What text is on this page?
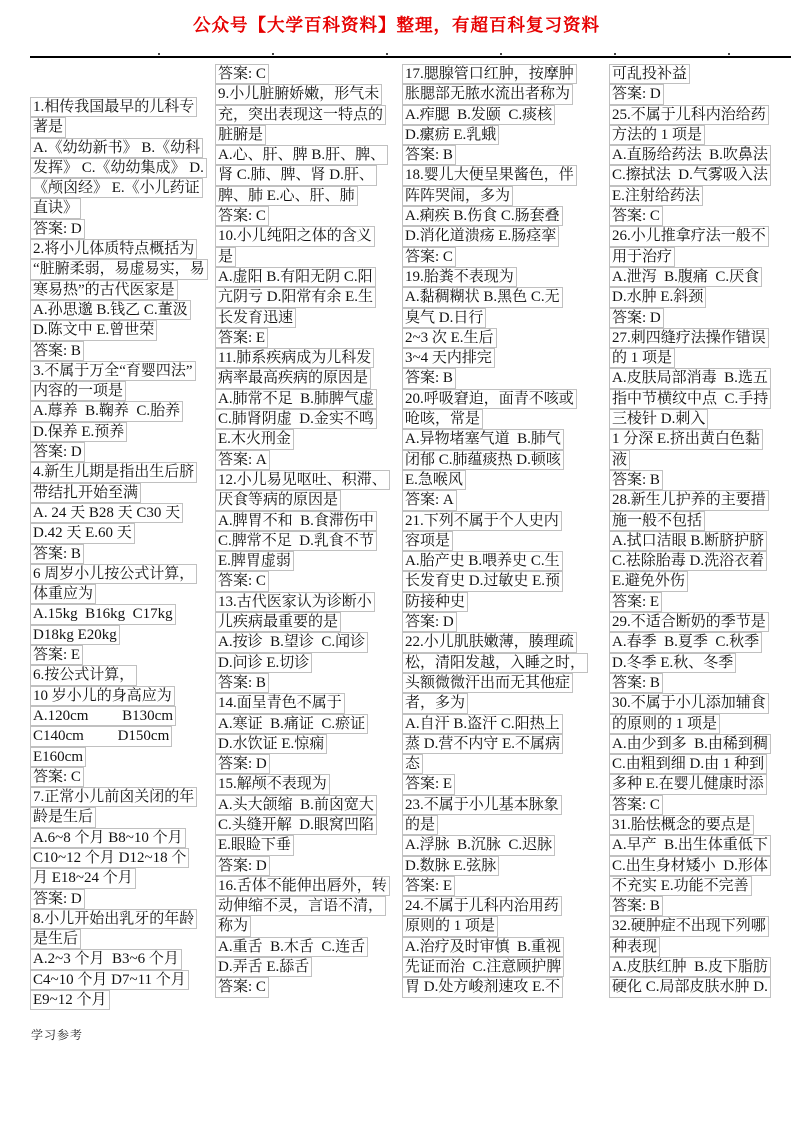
公众号【大学百科资料】整理，有超百科复习资料
1.相传我国最早的儿科专
著是
A.《幼幼新书》 B.《幼科
发挥》 C.《幼幼集成》 D.
《颅囟经》 E.《小儿药证
直诀》
答案: D
2.将小儿体质特点概括为
“脏腑柔弱，易虚易实，易
寒易热”的古代医家是
A.孙思邈 B.钱乙 C.董汲
D.陈文中 E.曾世荣
答案: B
3.不属于万全“育婴四法”
内容的一项是
A.蓐养  B.鞠养  C.胎养
D.保养 E.预养
答案: D
4.新生儿期是指出生后脐
带结扎开始至满
A. 24 天 B28 天 C30 天
D.42 天 E.60 天
答案: B
6 周岁小儿按公式计算，
体重应为
A.15kg  B16kg  C17kg
D18kg E20kg
答案: E
6.按公式计算，
10 岁小儿的身高应为
A.120cm         B130cm
C140cm         D150cm
E160cm
答案: C
7.正常小儿前囟关闭的年
龄是生后
A.6~8 个月 B8~10 个月
C10~12 个月 D12~18 个
月 E18~24 个月
答案: D
8.小儿开始出乳牙的年龄
是生后
A.2~3 个月  B3~6 个月
C4~10 个月 D7~11 个月
E9~12 个月
答案: C
9.小儿脏腑娇嫩，形气未
充，突出表现这一特点的
脏腑是
A.心、肝、脾 B.肝、脾、
肾 C.肺、脾、肾 D.肝、
脾、肺 E.心、肝、肺
答案: C
10.小儿纯阳之体的含义
是
A.虚阳 B.有阳无阴 C.阳
亢阴亏 D.阳常有余 E.生
长发育迅速
答案: E
11.肺系疾病成为儿科发
病率最高疾病的原因是
A.肺常不足  B.肺脾气虚
C.肺肾阴虚  D.金实不鸣
E.木火刑金
答案: A
12.小儿易见呕吐、积滞、
厌食等病的原因是
A.脾胃不和  B.食滞伤中
C.脾常不足  D.乳食不节
E.脾胃虚弱
答案: C
13.古代医家认为诊断小
儿疾病最重要的是
A.按诊  B.望诊  C.闻诊
D.问诊 E.切诊
答案: B
14.面呈青色不属于
A.寒证  B.痛证  C.瘀证
D.水饮证 E.惊痫
答案: D
15.解颅不表现为
A.头大颌缩  B.前囟宽大
C.头缝开解  D.眼窝凹陷
E.眼睑下垂
答案: D
16.舌体不能伸出唇外，转
动伸缩不灵，言语不清，
称为
A.重舌  B.木舌  C.连舌
D.弄舌 E.舔舌
答案: C
17.腮腺管口红肿，按摩肿
胀腮部无脓水流出者称为
A.痄腮  B.发颐  C.痰核
D.瘰疬 E.乳蛾
答案: B
18.婴儿大便呈果酱色，伴
阵阵哭闹，多为
A.痢疾 B.伤食 C.肠套叠
D.消化道溃疡 E.肠痉挛
答案: C
19.胎粪不表现为
A.黏稠糊状 B.黑色 C.无
臭气 D.日行
2~3 次 E.生后
3~4 天内排完
答案: B
20.呼吸窘迫，面青不咳或
呛咳，常是
A.异物堵塞气道  B.肺气
闭郁 C.肺蕴痰热 D.顿咳
E.急喉风
答案: A
21.下列不属于个人史内
容项是
A.胎产史 B.喂养史 C.生
长发育史 D.过敏史 E.预
防接种史
答案: D
22.小儿肌肤嫩薄，腠理疏
松，清阳发越，入睡之时，
头额微微汗出而无其他症
者，多为
A.自汗 B.盗汗 C.阳热上
蒸 D.营不内守 E.不属病
态
答案: E
23.不属于小儿基本脉象
的是
A.浮脉  B.沉脉  C.迟脉
D.数脉 E.弦脉
答案: E
24.不属于儿科内治用药
原则的 1 项是
A.治疗及时审慎  B.重视
先证而治  C.注意顾护脾
胃 D.处方峻剂速攻 E.不
可乱投补益
答案: D
25.不属于儿科内治给药
方法的 1 项是
A.直肠给药法  B.吹鼻法
C.擦拭法  D.气雾吸入法
E.注射给药法
答案: C
26.小儿推拿疗法一般不
用于治疗
A.泄泻  B.腹痛  C.厌食
D.水肿 E.斜颈
答案: D
27.刺四缝疗法操作错误
的 1 项是
A.皮肤局部消毒  B.选五
指中节横纹中点  C.手持
三棱针 D.刺入
1 分深 E.挤出黄白色黏
液
答案: B
28.新生儿护养的主要措
施一般不包括
A.拭口洁眼 B.断脐护脐
C.祛除胎毒 D.洗浴衣着
E.避免外伤
答案: E
29.不适合断奶的季节是
A.春季  B.夏季  C.秋季
D.冬季 E.秋、冬季
答案: B
30.不属于小儿添加辅食
的原则的 1 项是
A.由少到多  B.由稀到稠
C.由粗到细 D.由 1 种到
多种 E.在婴儿健康时添
答案: C
31.胎怯概念的要点是
A.早产  B.出生体重低下
C.出生身材矮小  D.形体
不充实 E.功能不完善
答案: B
32.硬肿症不出现下列哪
种表现
A.皮肤红肿  B.皮下脂肪
硬化 C.局部皮肤水肿 D.
学习参考
